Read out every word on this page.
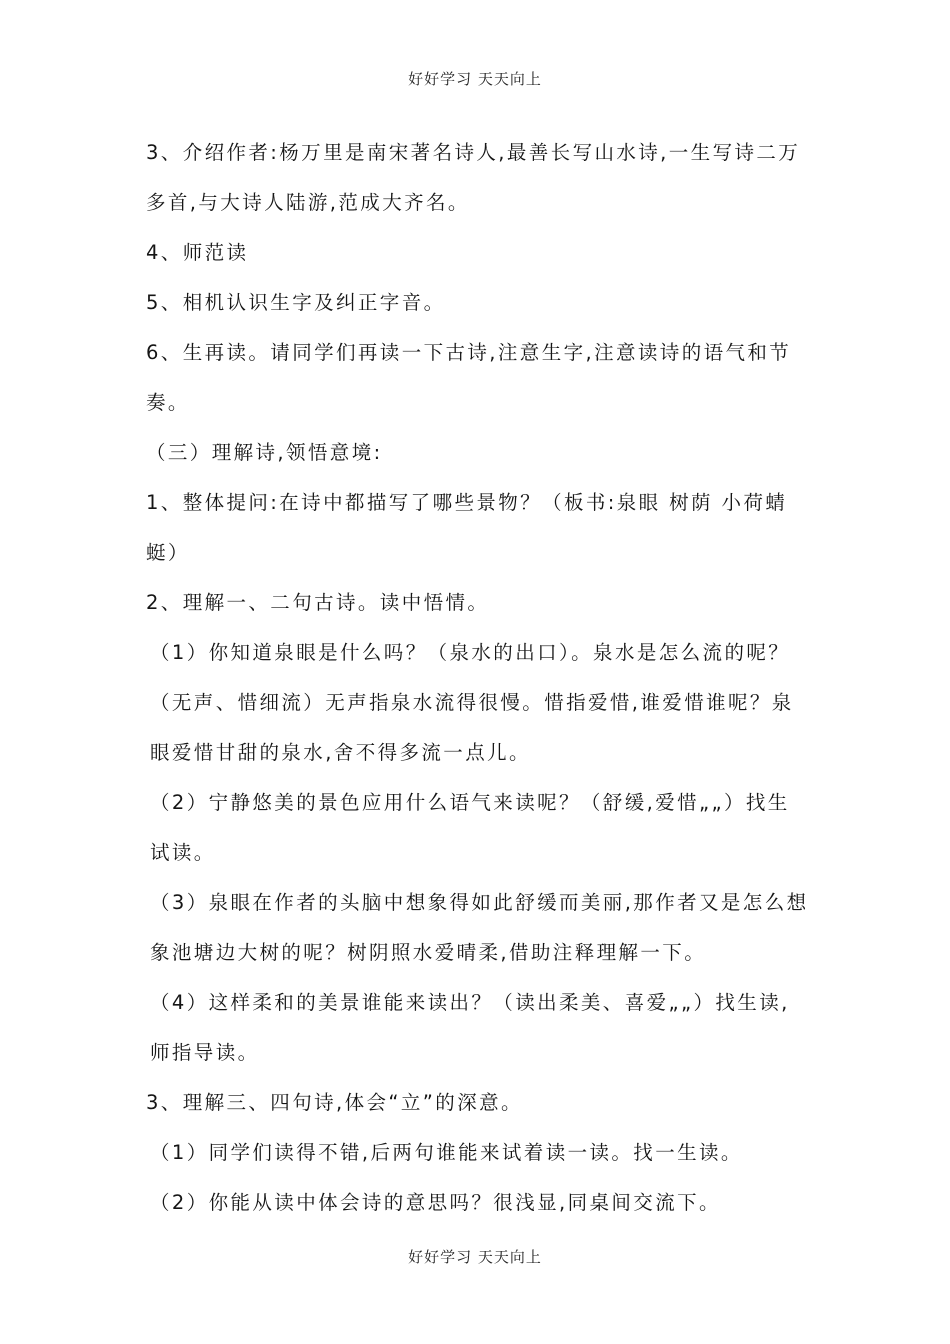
好好学习 天天向上

3、介绍作者:杨万里是南宋著名诗人,最善长写山水诗,一生写诗二万多首,与大诗人陆游,范成大齐名。

4、师范读

5、相机认识生字及纠正字音。

6、生再读。请同学们再读一下古诗,注意生字,注意读诗的语气和节奏。

（三）理解诗,领悟意境:

1、整体提问:在诗中都描写了哪些景物？（板书:泉眼 树荫 小荷蜻蜓）

2、理解一、二句古诗。读中悟情。

（1）你知道泉眼是什么吗？（泉水的出口）。泉水是怎么流的呢？（无声、惜细流）无声指泉水流得很慢。惜指爱惜,谁爱惜谁呢？泉眼爱惜甘甜的泉水,舍不得多流一点儿。

（2）宁静悠美的景色应用什么语气来读呢？（舒缓,爱惜„„）找生试读。

（3）泉眼在作者的头脑中想象得如此舒缓而美丽,那作者又是怎么想象池塘边大树的呢？树阴照水爱晴柔,借助注释理解一下。

（4）这样柔和的美景谁能来读出？（读出柔美、喜爱„„）找生读,师指导读。

3、理解三、四句诗,体会“立”的深意。

（1）同学们读得不错,后两句谁能来试着读一读。找一生读。

（2）你能从读中体会诗的意思吗？很浅显,同桌间交流下。

好好学习 天天向上
